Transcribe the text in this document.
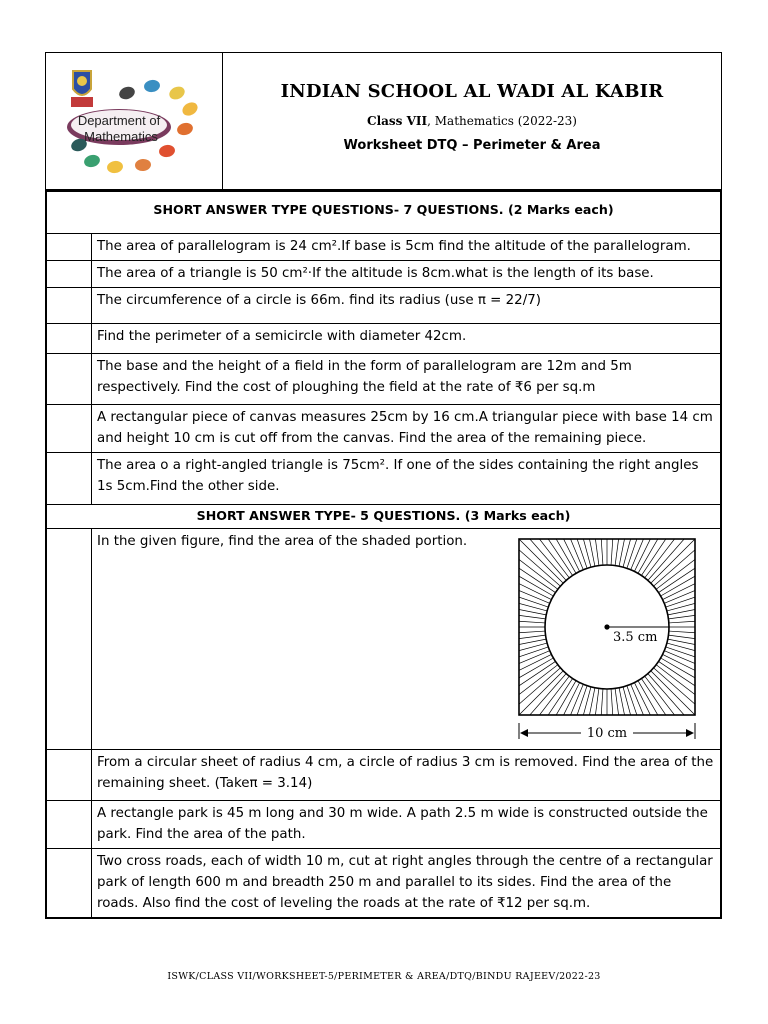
Department of
Mathematics
INDIAN SCHOOL AL WADI AL KABIR
Class VII, Mathematics (2022-23)
Worksheet DTQ – Perimeter & Area
SHORT ANSWER TYPE QUESTIONS- 7 QUESTIONS. (2 Marks each)	
	The area of parallelogram is 24 cm².If base is 5cm find the altitude of the parallelogram.
	The area of a triangle is 50 cm²·If the altitude is 8cm.what is the length of its base.
	The circumference of a circle is 66m. find its radius (use π = 22/7)
	Find the perimeter of a semicircle with diameter 42cm.
	The base and the height of a field in the form of parallelogram are 12m and 5m respectively. Find the cost of ploughing the field at the rate of ₹6 per sq.m
	A rectangular piece of canvas measures 25cm by 16 cm.A triangular piece with base 14 cm and height 10 cm is cut off from the canvas. Find the area of the remaining piece.
	The area o a right-angled triangle is 75cm². If one of the sides containing the right angles 1s 5cm.Find the other side.
SHORT ANSWER TYPE- 5 QUESTIONS. (3 Marks each)	

3.5 cm
10 cm
In the given figure, find the area of the shaded portion.
	From a circular sheet of radius 4 cm, a circle of radius 3 cm is removed. Find the area of the remaining sheet. (Takeπ = 3.14)
	A rectangle park is 45 m long and 30 m wide. A path 2.5 m wide is constructed outside the park. Find the area of the path.
	Two cross roads, each of width 10 m, cut at right angles through the centre of a rectangular park of length 600 m and breadth 250 m and parallel to its sides. Find the area of the roads. Also find the cost of leveling the roads at the rate of ₹12 per sq.m.
ISWK/CLASS VII/WORKSHEET-5/PERIMETER & AREA/DTQ/BINDU RAJEEV/2022-23
